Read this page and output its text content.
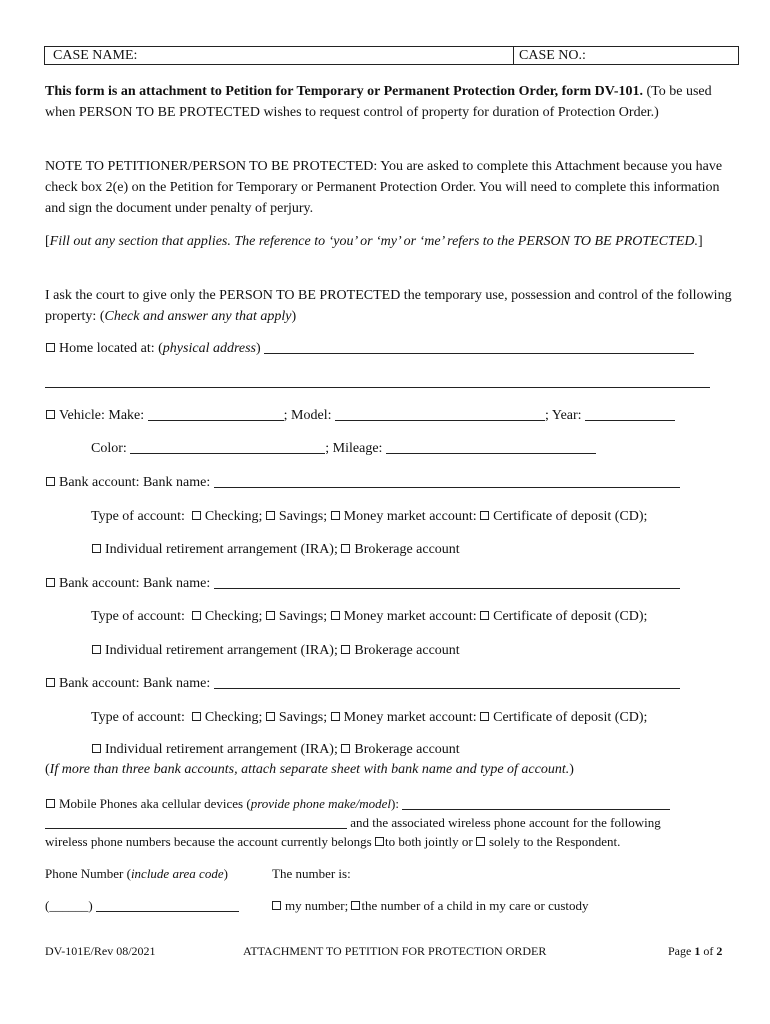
CASE NAME:	CASE NO.:
This form is an attachment to Petition for Temporary or Permanent Protection Order, form DV-101. (To be used when PERSON TO BE PROTECTED wishes to request control of property for duration of Protection Order.)
NOTE TO PETITIONER/PERSON TO BE PROTECTED: You are asked to complete this Attachment because you have check box 2(e) on the Petition for Temporary or Permanent Protection Order. You will need to complete this information and sign the document under penalty of perjury.
[Fill out any section that applies. The reference to ‘you’ or ‘my’ or ‘me’ refers to the PERSON TO BE PROTECTED.]
I ask the court to give only the PERSON TO BE PROTECTED the temporary use, possession and control of the following property: (Check and answer any that apply)
Home located at: (physical address)
Vehicle: Make:	; Model:	; Year:
Color:	; Mileage:
Bank account: Bank name:
Type of account: Checking; Savings; Money market account: Certificate of deposit (CD);
Individual retirement arrangement (IRA); Brokerage account
Bank account: Bank name:
Type of account: Checking; Savings; Money market account: Certificate of deposit (CD);
Individual retirement arrangement (IRA); Brokerage account
Bank account: Bank name:
Type of account: Checking; Savings; Money market account: Certificate of deposit (CD);
Individual retirement arrangement (IRA); Brokerage account
(If more than three bank accounts, attach separate sheet with bank name and type of account.)
Mobile Phones aka cellular devices (provide phone make/model):
and the associated wireless phone account for the following
wireless phone numbers because the account currently belongs to both jointly or solely to the Respondent.
Phone Number (include area code)	The number is:
(______)	my number; the number of a child in my care or custody
DV-101E/Rev 08/2021	ATTACHMENT TO PETITION FOR PROTECTION ORDER	Page 1 of 2
